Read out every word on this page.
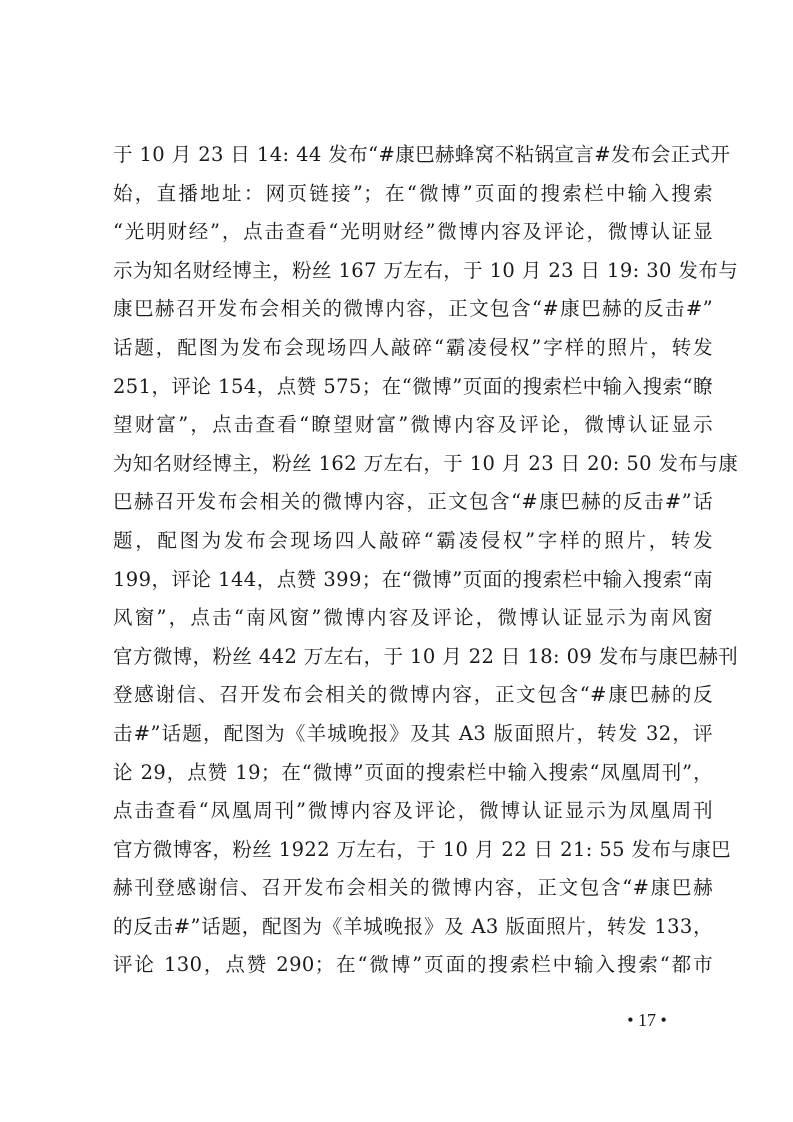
于 10 月 23 日 14: 44 发布“#康巴赫蜂窝不粘锅宣言#发布会正式开
始，直播地址：网页链接”；在“微博”页面的搜索栏中输入搜索
“光明财经”，点击查看“光明财经”微博内容及评论，微博认证显
示为知名财经博主，粉丝 167 万左右，于 10 月 23 日 19: 30 发布与
康巴赫召开发布会相关的微博内容，正文包含“#康巴赫的反击#”
话题，配图为发布会现场四人敲碎“霸凌侵权”字样的照片，转发
251，评论 154，点赞 575；在“微博”页面的搜索栏中输入搜索“瞭
望财富”，点击查看“瞭望财富”微博内容及评论，微博认证显示
为知名财经博主，粉丝 162 万左右，于 10 月 23 日 20: 50 发布与康
巴赫召开发布会相关的微博内容，正文包含“#康巴赫的反击#”话
题，配图为发布会现场四人敲碎“霸凌侵权”字样的照片，转发
199，评论 144，点赞 399；在“微博”页面的搜索栏中输入搜索“南
风窗”，点击“南风窗”微博内容及评论，微博认证显示为南风窗
官方微博，粉丝 442 万左右，于 10 月 22 日 18: 09 发布与康巴赫刊
登感谢信、召开发布会相关的微博内容，正文包含“#康巴赫的反
击#”话题，配图为《羊城晚报》及其 A3 版面照片，转发 32，评
论 29，点赞 19；在“微博”页面的搜索栏中输入搜索“凤凰周刊”，
点击查看“凤凰周刊”微博内容及评论，微博认证显示为凤凰周刊
官方微博客，粉丝 1922 万左右，于 10 月 22 日 21: 55 发布与康巴
赫刊登感谢信、召开发布会相关的微博内容，正文包含“#康巴赫
的反击#”话题，配图为《羊城晚报》及 A3 版面照片，转发 133，
评论 130，点赞 290；在“微博”页面的搜索栏中输入搜索“都市
• 17 •
